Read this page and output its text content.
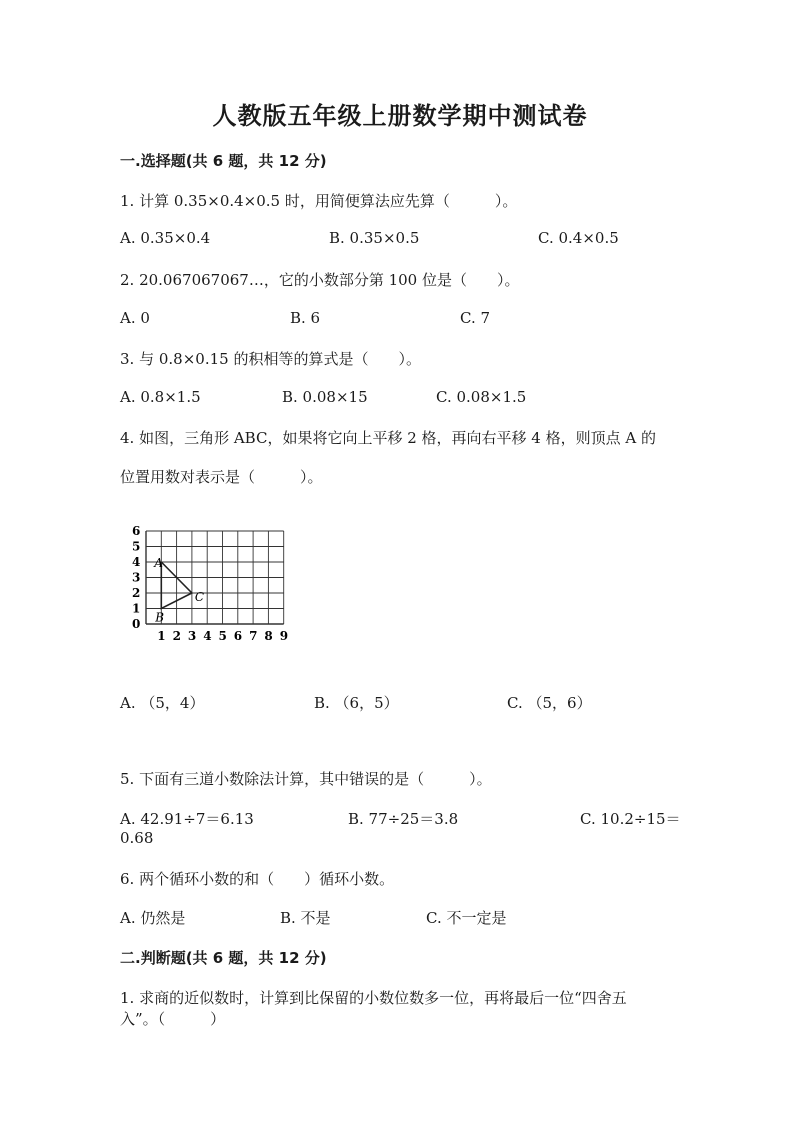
人教版五年级上册数学期中测试卷
一.选择题(共 6 题，共 12 分)
1. 计算 0.35×0.4×0.5 时，用简便算法应先算（　　　）。
A. 0.35×0.4	B. 0.35×0.5	C. 0.4×0.5
2. 20.067067067…，它的小数部分第 100 位是（　　）。
A. 0	B. 6	C. 7
3. 与 0.8×0.15 的积相等的算式是（　　）。
A. 0.8×1.5	B. 0.08×15	C. 0.08×1.5
4. 如图，三角形 ABC，如果将它向上平移 2 格，再向右平移 4 格，则顶点 A 的
位置用数对表示是（　　　）。
0
1
2
3
4
5
6
1 2 3 4 5 6 7 8 9
A
B
C
A. （5，4）	B. （6，5）	C. （5，6）
5. 下面有三道小数除法计算，其中错误的是（　　　）。
A. 42.91÷7＝6.13	B. 77÷25＝3.8	C. 10.2÷15＝
0.68
6. 两个循环小数的和（　　）循环小数。
A. 仍然是	B. 不是	C. 不一定是
二.判断题(共 6 题，共 12 分)
1. 求商的近似数时，计算到比保留的小数位数多一位，再将最后一位“四舍五
入”。（　　　）
